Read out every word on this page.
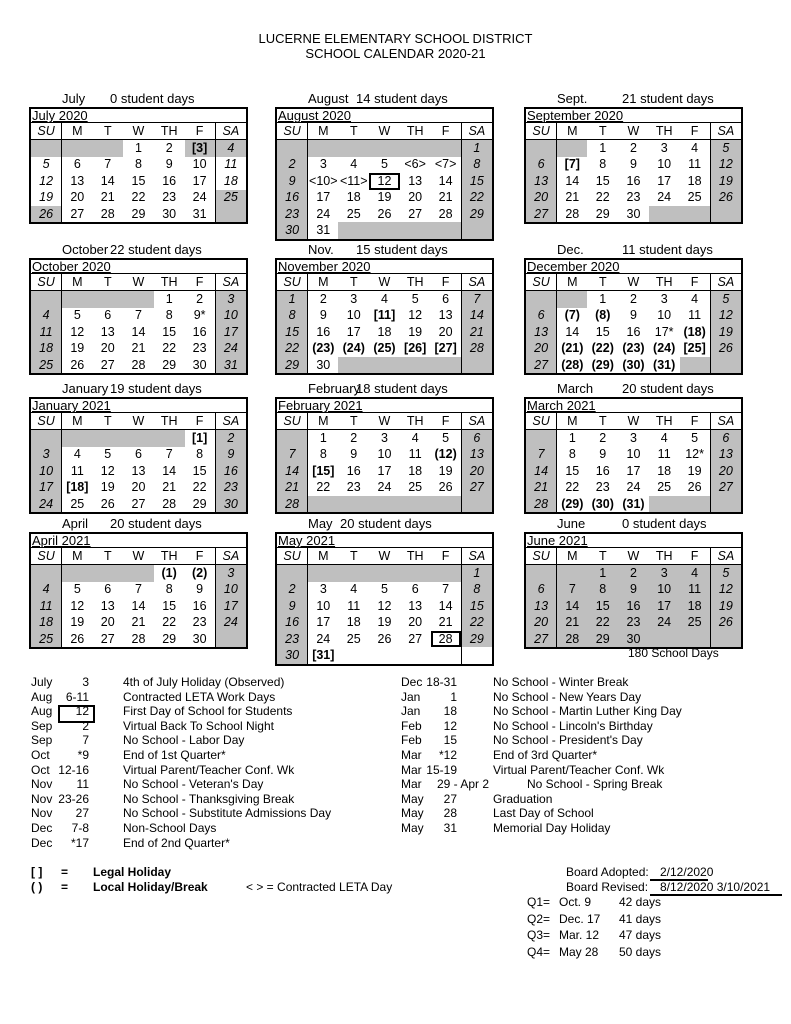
LUCERNE ELEMENTARY SCHOOL DISTRICT
SCHOOL CALENDAR 2020-21
July 0 student days
July 2020
SU	M	T	W	TH	F	SA
			1	2	[3]	4
5	6	7	8	9	10	11
12	13	14	15	16	17	18
19	20	21	22	23	24	25
26	27	28	29	30	31	
August 14 student days
August 2020
SU	M	T	W	TH	F	SA
						1
2	3	4	5	<6>	<7>	8
9	<10>	<11>	12	13	14	15
16	17	18	19	20	21	22
23	24	25	26	27	28	29
30	31					
Sept.	21 student days
September 2020
SU	M	T	W	TH	F	SA
		1	2	3	4	5
6	[7]	8	9	10	11	12
13	14	15	16	17	18	19
20	21	22	23	24	25	26
27	28	29	30			
October 22 student days
October 2020
SU	M	T	W	TH	F	SA
				1	2	3
4	5	6	7	8	9*	10
11	12	13	14	15	16	17
18	19	20	21	22	23	24
25	26	27	28	29	30	31
Nov. 15 student days
November 2020
SU	M	T	W	TH	F	SA
1	2	3	4	5	6	7
8	9	10	[11]	12	13	14
15	16	17	18	19	20	21
22	(23)	(24)	(25)	[26]	[27]	28
29	30					
Dec.	11 student days
December 2020
SU	M	T	W	TH	F	SA
		1	2	3	4	5
6	(7)	(8)	9	10	11	12
13	14	15	16	17*	(18)	19
20	(21)	(22)	(23)	(24)	[25]	26
27	(28)	(29)	(30)	(31)		
January 19 student days
January 2021
SU	M	T	W	TH	F	SA
					[1]	2
3	4	5	6	7	8	9
10	11	12	13	14	15	16
17	[18]	19	20	21	22	23
24	25	26	27	28	29	30
February
18 student days
February 2021
SU	M	T	W	TH	F	SA
	1	2	3	4	5	6
7	8	9	10	11	(12)	13
14	[15]	16	17	18	19	20
21	22	23	24	25	26	27
28						
March 20 student days
March 2021
SU	M	T	W	TH	F	SA
	1	2	3	4	5	6
7	8	9	10	11	12*	13
14	15	16	17	18	19	20
21	22	23	24	25	26	27
28	(29)	(30)	(31)			
April 20 student days
April 2021
SU	M	T	W	TH	F	SA
				(1)	(2)	3
4	5	6	7	8	9	10
11	12	13	14	15	16	17
18	19	20	21	22	23	24
25	26	27	28	29	30	
May 20 student days
May 2021
SU	M	T	W	TH	F	SA
						1
2	3	4	5	6	7	8
9	10	11	12	13	14	15
16	17	18	19	20	21	22
23	24	25	26	27	28	29
30	[31]					
June	0 student days
June 2021
SU	M	T	W	TH	F	SA
		1	2	3	4	5
6	7	8	9	10	11	12
13	14	15	16	17	18	19
20	21	22	23	24	25	26
27	28	29	30			
180 School Days
July	3	4th of July Holiday (Observed)
Aug	6-11	Contracted LETA Work Days
Aug	12	First Day of School for Students
Sep	2	Virtual Back To School Night
Sep	7	No School - Labor Day
Oct	*9	End of 1st Quarter*
Oct 12-16	Virtual Parent/Teacher Conf. Wk
Nov	11	No School - Veteran's Day
Nov 23-26	No School - Thanksgiving Break
Nov	27	No School - Substitute Admissions Day
Dec	7-8	Non-School Days
Dec	*17	End of 2nd Quarter*
Dec 18-31	No School - Winter Break
Jan	1	No School - New Years Day
Jan	18	No School - Martin Luther King Day
Feb	12	No School - Lincoln's Birthday
Feb	15	No School - President's Day
Mar	*12	End of 3rd Quarter*
Mar 15-19	Virtual Parent/Teacher Conf. Wk
Mar	29 - Apr 2	No School - Spring Break
May	27	Graduation
May	28	Last Day of School
May	31	Memorial Day Holiday
[ ] = Legal Holiday
( ) = Local Holiday/Break	< > = Contracted LETA Day
Board Adopted: 2/12/2020
Board Revised: 8/12/2020 3/10/2021
Q1= Oct. 9 42 days
Q2= Dec. 17 41 days
Q3= Mar. 12 47 days
Q4= May 28 50 days
